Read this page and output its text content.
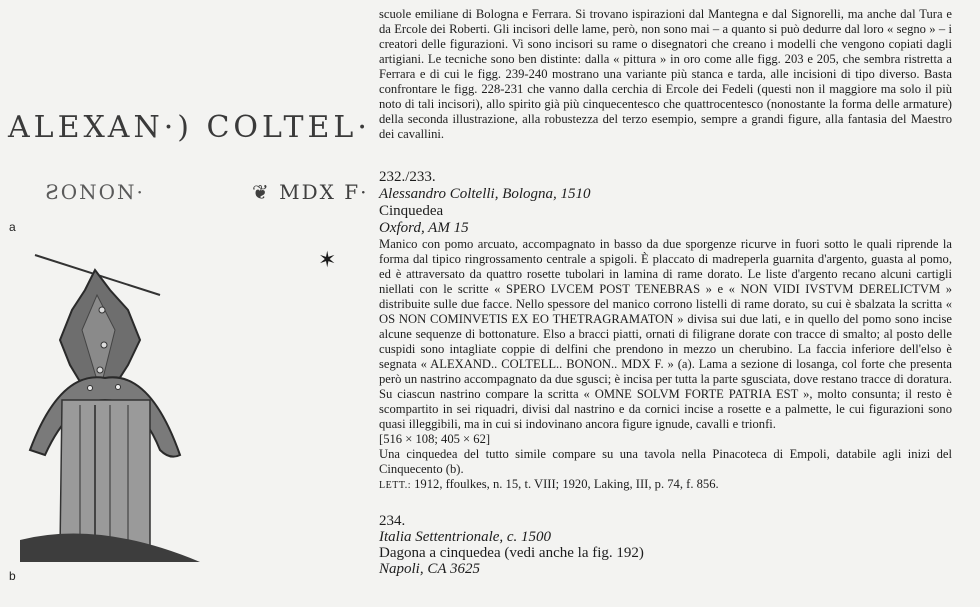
ALEXAN·) COLTEL·
ƧONON·	❦ MDX F·
a
b
✶

scuole emiliane di Bologna e Ferrara. Si trovano ispirazioni dal Mantegna e dal Signorelli, ma anche dal Tura e da Ercole dei Roberti. Gli incisori delle lame, però, non sono mai – a quanto si può dedurre dal loro « segno » – i creatori delle figurazioni. Vi sono incisori su rame o disegnatori che creano i modelli che vengono copiati dagli artigiani. Le tecniche sono ben distinte: dalla « pittura » in oro come alle figg. 203 e 205, che sembra ristretta a Ferrara e di cui le figg. 239-240 mostrano una variante più stanca e tarda, alle incisioni di tipo diverso. Basta confrontare le figg. 228-231 che vanno dalla cerchia di Ercole dei Fedeli (questi non il maggiore ma solo il più noto di tali incisori), allo spirito già più cinquecentesco che quattrocentesco (nonostante la forma delle armature) della seconda illustrazione, alla robustezza del terzo esempio, sempre a grandi figure, alla fantasia del Maestro dei cavallini.

232./233.
Alessandro Coltelli, Bologna, 1510
Cinquedea
Oxford, AM 15

Manico con pomo arcuato, accompagnato in basso da due sporgenze ricurve in fuori sotto le quali riprende la forma dal tipico ringrossamento centrale a spigoli. È placcato di madreperla guarnita d'argento, guasta al pomo, ed è attraversato da quattro rosette tubolari in lamina di rame dorato. Le liste d'argento recano alcuni cartigli niellati con le scritte « SPERO LVCEM POST TENEBRAS » e « NON VIDI IVSTVM DERELICTVM » distribuite sulle due facce. Nello spessore del manico corrono listelli di rame dorato, su cui è sbalzata la scritta « OS NON COMINVETIS EX EO THETRAGRAMATON » divisa sui due lati, e in quello del pomo sono incise alcune sequenze di bottonature. Elso a bracci piatti, ornati di filigrane dorate con tracce di smalto; al posto delle cuspidi sono intagliate coppie di delfini che prendono in mezzo un cherubino. La faccia inferiore dell'elso è segnata « ALEXAND.. COLTELL.. BONON.. MDX F. » (a). Lama a sezione di losanga, col forte che presenta però un nastrino accompagnato da due sgusci; è incisa per tutta la parte sgusciata, dove restano tracce di doratura. Su ciascun nastrino compare la scritta « OMNE SOLVM FORTE PATRIA EST », molto consunta; il resto è scompartito in sei riquadri, divisi dal nastrino e da cornici incise a rosette e a palmette, le cui figurazioni sono quasi illeggibili, ma in cui si indovinano ancora figure ignude, cavalli e trionfi.

[516 × 108; 405 × 62]

Una cinquedea del tutto simile compare su una tavola nella Pinacoteca di Empoli, databile agli inizi del Cinquecento (b).

LETT.: 1912, ffoulkes, n. 15, t. VIII; 1920, Laking, III, p. 74, f. 856.

234.
Italia Settentrionale, c. 1500
Dagona a cinquedea (vedi anche la fig. 192)
Napoli, CA 3625
